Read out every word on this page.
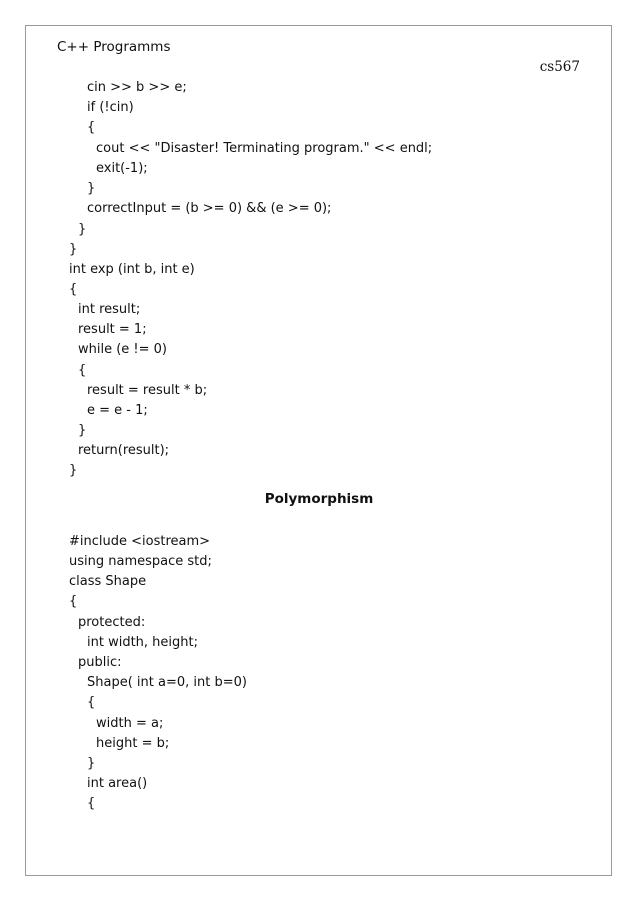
C++ Programms
cs567
cin >> b >> e;
if (!cin)
{
cout << "Disaster! Terminating program." << endl;
exit(-1);
}
correctInput = (b >= 0) && (e >= 0);
}
}
int exp (int b, int e)
{
int result;
result = 1;
while (e != 0)
{
result = result * b;
e = e - 1;
}
return(result);
}
Polymorphism
#include <iostream>
using namespace std;
class Shape
{
protected:
int width, height;
public:
Shape( int a=0, int b=0)
{
width = a;
height = b;
}
int area()
{
